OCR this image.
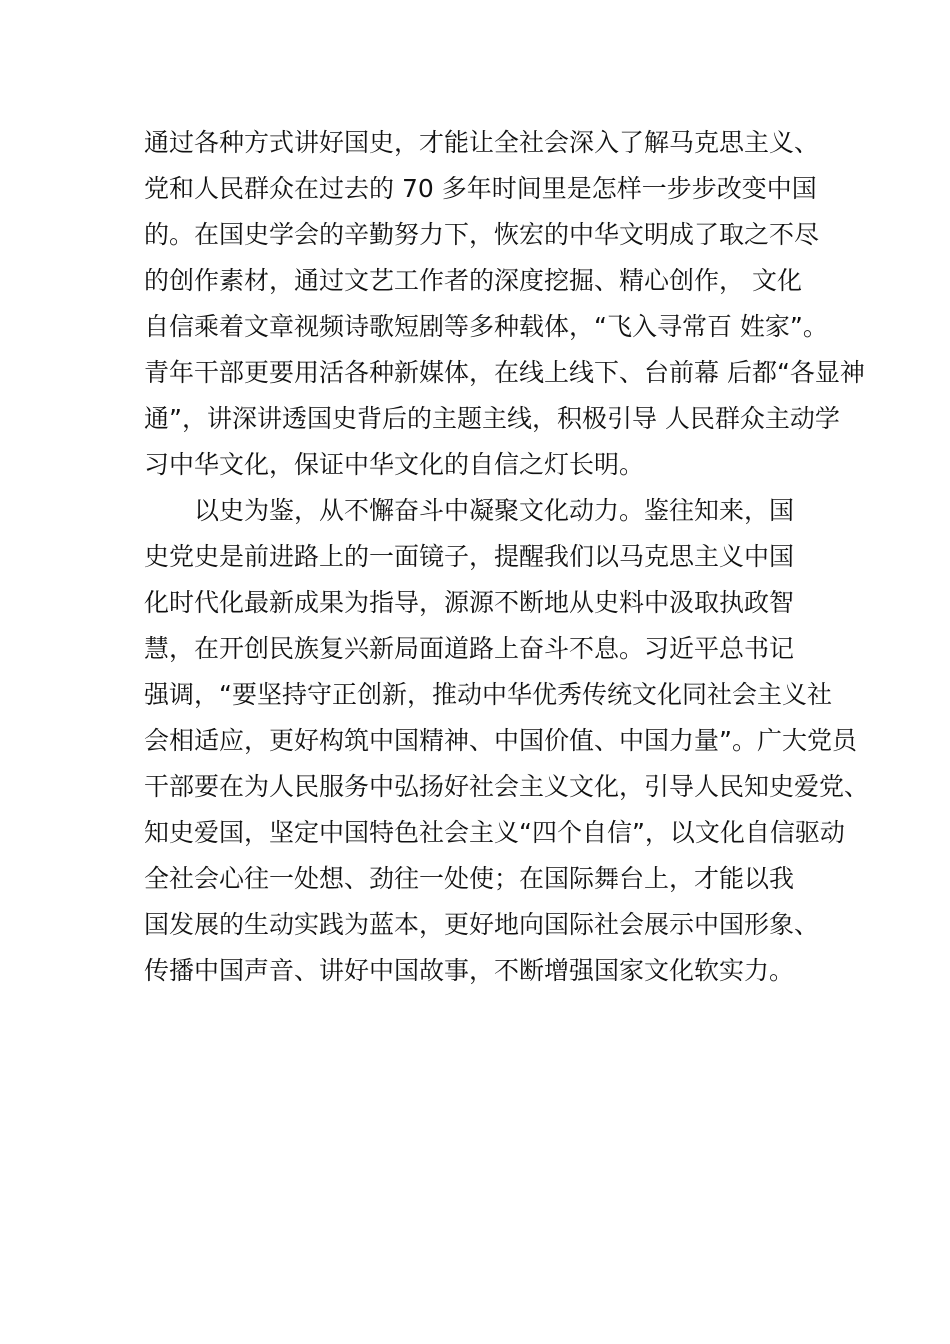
通过各种方式讲好国史，才能让全社会深入了解马克思主义、
党和人民群众在过去的 70 多年时间里是怎样一步步改变中国
的。在国史学会的辛勤努力下，恢宏的中华文明成了取之不尽
的创作素材，通过文艺工作者的深度挖掘、精心创作， 文化
自信乘着文章视频诗歌短剧等多种载体，“飞入寻常百 姓家”。
青年干部更要用活各种新媒体，在线上线下、台前幕 后都“各显神
通”，讲深讲透国史背后的主题主线，积极引导 人民群众主动学
习中华文化，保证中华文化的自信之灯长明。
以史为鉴，从不懈奋斗中凝聚文化动力。鉴往知来，国
史党史是前进路上的一面镜子，提醒我们以马克思主义中国
化时代化最新成果为指导，源源不断地从史料中汲取执政智
慧，在开创民族复兴新局面道路上奋斗不息。习近平总书记
强调，“要坚持守正创新，推动中华优秀传统文化同社会主义社
会相适应，更好构筑中国精神、中国价值、中国力量”。广大党员
干部要在为人民服务中弘扬好社会主义文化，引导人民知史爱党、
知史爱国，坚定中国特色社会主义“四个自信”，以文化自信驱动
全社会心往一处想、劲往一处使；在国际舞台上，才能以我
国发展的生动实践为蓝本，更好地向国际社会展示中国形象、
传播中国声音、讲好中国故事，不断增强国家文化软实力。
